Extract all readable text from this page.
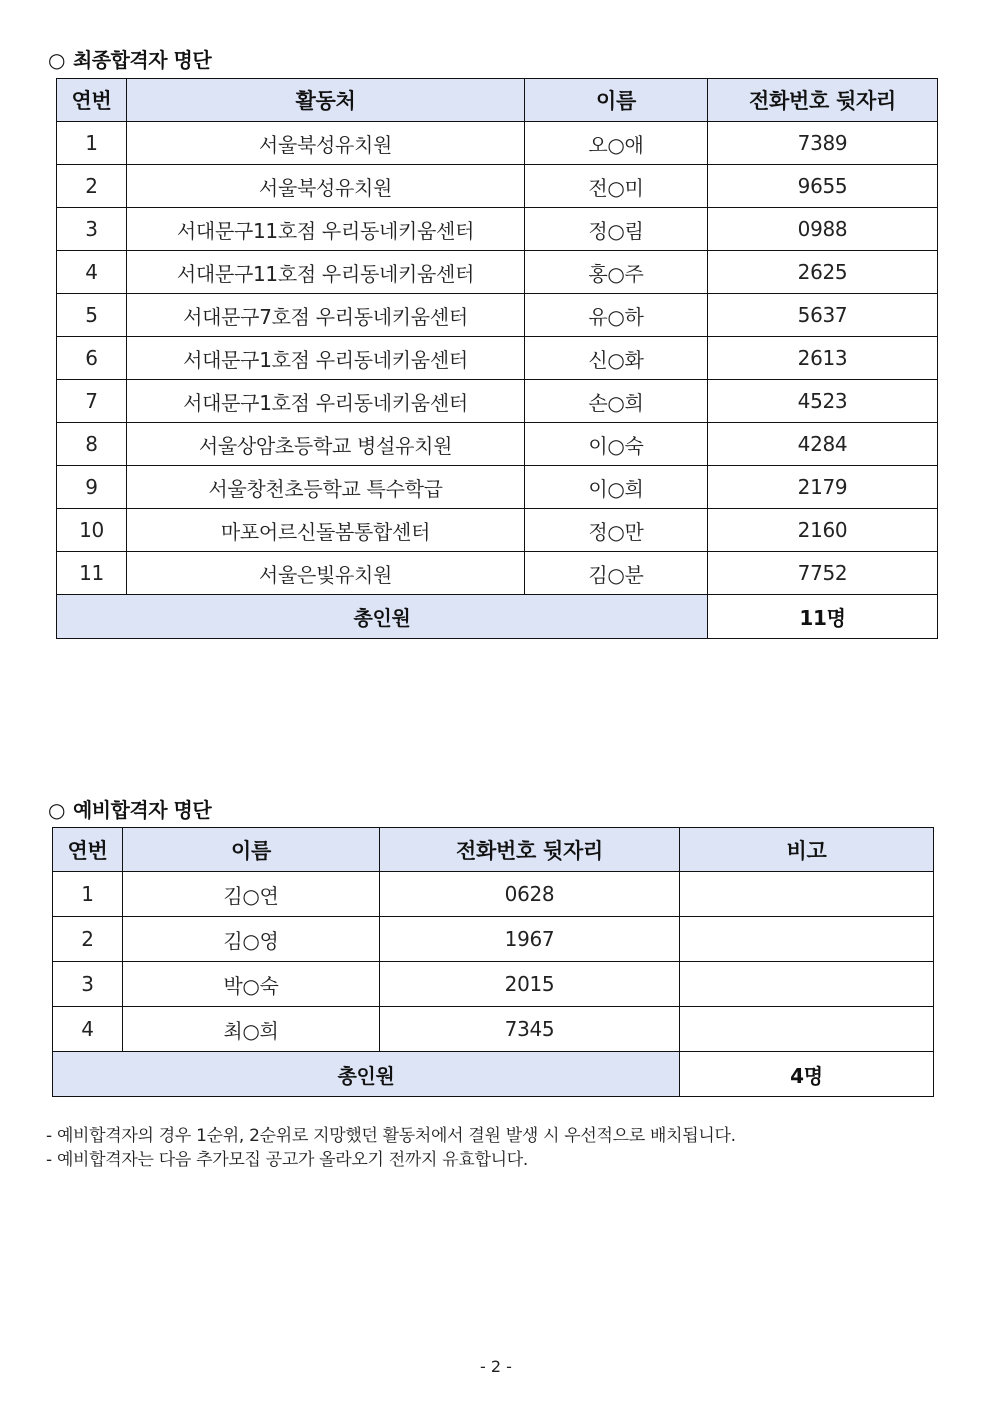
○ 최종합격자 명단
연번	활동처	이름	전화번호 뒷자리
1	서울북성유치원	오○애	7389
2	서울북성유치원	전○미	9655
3	서대문구11호점 우리동네키움센터	정○림	0988
4	서대문구11호점 우리동네키움센터	홍○주	2625
5	서대문구7호점 우리동네키움센터	유○하	5637
6	서대문구1호점 우리동네키움센터	신○화	2613
7	서대문구1호점 우리동네키움센터	손○희	4523
8	서울상암초등학교 병설유치원	이○숙	4284
9	서울창천초등학교 특수학급	이○희	2179
10	마포어르신돌봄통합센터	정○만	2160
11	서울은빛유치원	김○분	7752
총인원			11명
○ 예비합격자 명단
연번	이름	전화번호 뒷자리	비고
1	김○연	0628	
2	김○영	1967	
3	박○숙	2015	
4	최○희	7345	
총인원			4명
- 예비합격자의 경우 1순위, 2순위로 지망했던 활동처에서 결원 발생 시 우선적으로 배치됩니다.
- 예비합격자는 다음 추가모집 공고가 올라오기 전까지 유효합니다.
- 2 -
